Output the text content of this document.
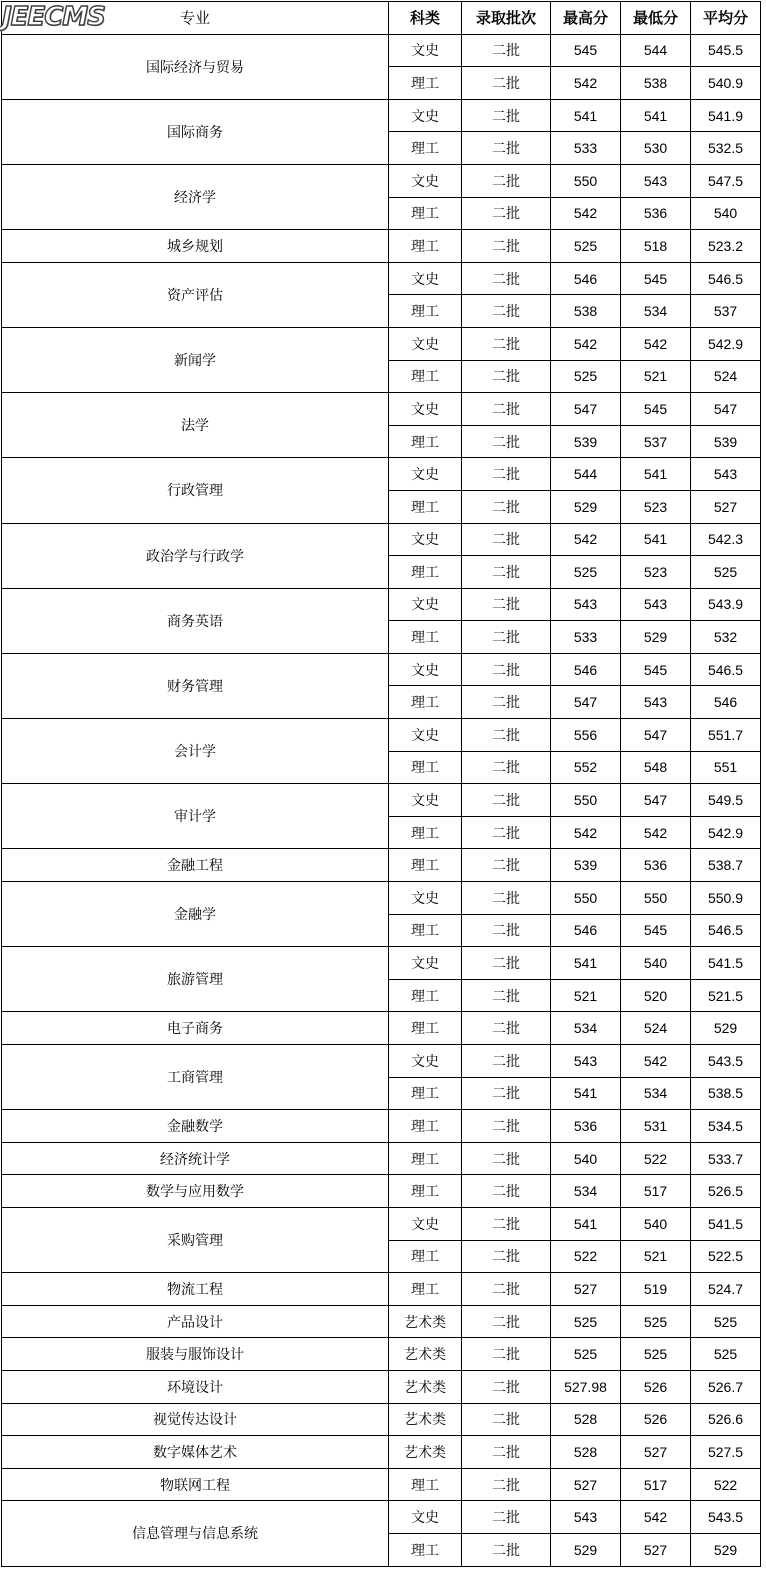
专业	科类	录取批次	最高分	最低分	平均分
国际经济与贸易	文史	二批	545	544	545.5
	理工	二批	542	538	540.9
国际商务	文史	二批	541	541	541.9
	理工	二批	533	530	532.5
经济学	文史	二批	550	543	547.5
	理工	二批	542	536	540
城乡规划	理工	二批	525	518	523.2
资产评估	文史	二批	546	545	546.5
	理工	二批	538	534	537
新闻学	文史	二批	542	542	542.9
	理工	二批	525	521	524
法学	文史	二批	547	545	547
	理工	二批	539	537	539
行政管理	文史	二批	544	541	543
	理工	二批	529	523	527
政治学与行政学	文史	二批	542	541	542.3
	理工	二批	525	523	525
商务英语	文史	二批	543	543	543.9
	理工	二批	533	529	532
财务管理	文史	二批	546	545	546.5
	理工	二批	547	543	546
会计学	文史	二批	556	547	551.7
	理工	二批	552	548	551
审计学	文史	二批	550	547	549.5
	理工	二批	542	542	542.9
金融工程	理工	二批	539	536	538.7
金融学	文史	二批	550	550	550.9
	理工	二批	546	545	546.5
旅游管理	文史	二批	541	540	541.5
	理工	二批	521	520	521.5
电子商务	理工	二批	534	524	529
工商管理	文史	二批	543	542	543.5
	理工	二批	541	534	538.5
金融数学	理工	二批	536	531	534.5
经济统计学	理工	二批	540	522	533.7
数学与应用数学	理工	二批	534	517	526.5
采购管理	文史	二批	541	540	541.5
	理工	二批	522	521	522.5
物流工程	理工	二批	527	519	524.7
产品设计	艺术类	二批	525	525	525
服装与服饰设计	艺术类	二批	525	525	525
环境设计	艺术类	二批	527.98	526	526.7
视觉传达设计	艺术类	二批	528	526	526.6
数字媒体艺术	艺术类	二批	528	527	527.5
物联网工程	理工	二批	527	517	522
信息管理与信息系统	文史	二批	543	542	543.5
	理工	二批	529	527	529
JEECMS
